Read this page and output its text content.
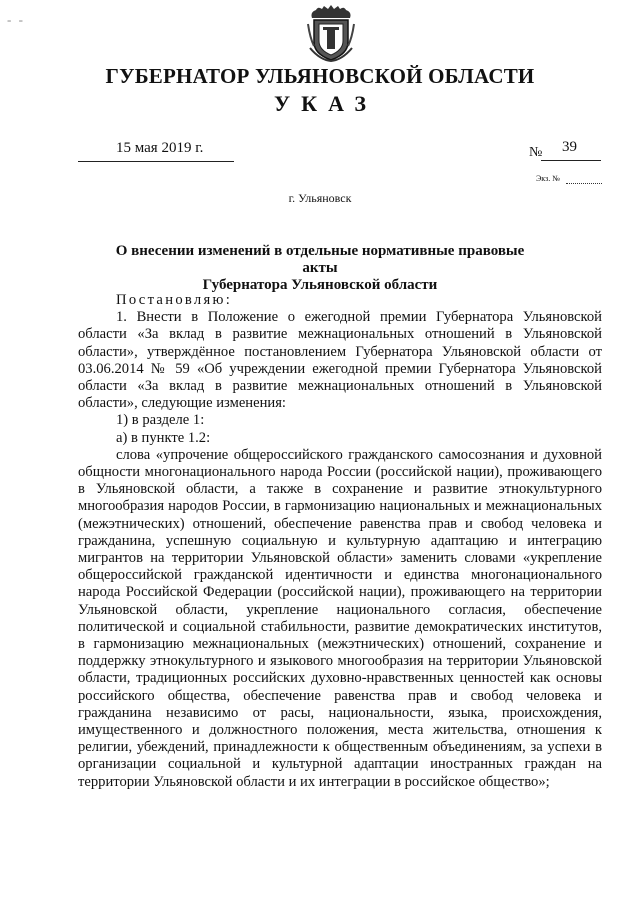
- -
ГУБЕРНАТОР УЛЬЯНОВСКОЙ ОБЛАСТИ
УКАЗ
15 мая 2019 г.	№ 39
Экз. №
г. Ульяновск
О внесении изменений в отдельные нормативные правовые акты
Губернатора Ульяновской области

Постановляю:

1. Внести в Положение о ежегодной премии Губернатора Ульяновской области «За вклад в развитие межнациональных отношений в Ульяновской области», утверждённое постановлением Губернатора Ульяновской области от 03.06.2014 № 59 «Об учреждении ежегодной премии Губернатора Ульяновской области «За вклад в развитие межнациональных отношений в Ульяновской области», следующие изменения:

1) в разделе 1:

а) в пункте 1.2:

слова «упрочение общероссийского гражданского самосознания и духовной общности многонационального народа России (российской нации), проживающего в Ульяновской области, а также в сохранение и развитие этнокультурного многообразия народов России, в гармонизацию национальных и межнациональных (межэтнических) отношений, обеспечение равенства прав и свобод человека и гражданина, успешную социальную и культурную адаптацию и интеграцию мигрантов на территории Ульяновской области» заменить словами «укрепление общероссийской гражданской идентичности и единства многонационального народа Российской Федерации (российской нации), проживающего на территории Ульяновской области, укрепление национального согласия, обеспечение политической и социальной стабильности, развитие демократических институтов, в гармонизацию межнациональных (межэтнических) отношений, сохранение и поддержку этнокультурного и языкового многообразия на территории Ульяновской области, традиционных российских духовно-нравственных ценностей как основы российского общества, обеспечение равенства прав и свобод человека и гражданина независимо от расы, национальности, языка, происхождения, имущественного и должностного положения, места жительства, отношения к религии, убеждений, принадлежности к общественным объединениям, за успехи в организации социальной и культурной адаптации иностранных граждан на территории Ульяновской области и их интеграции в российское общество»;
